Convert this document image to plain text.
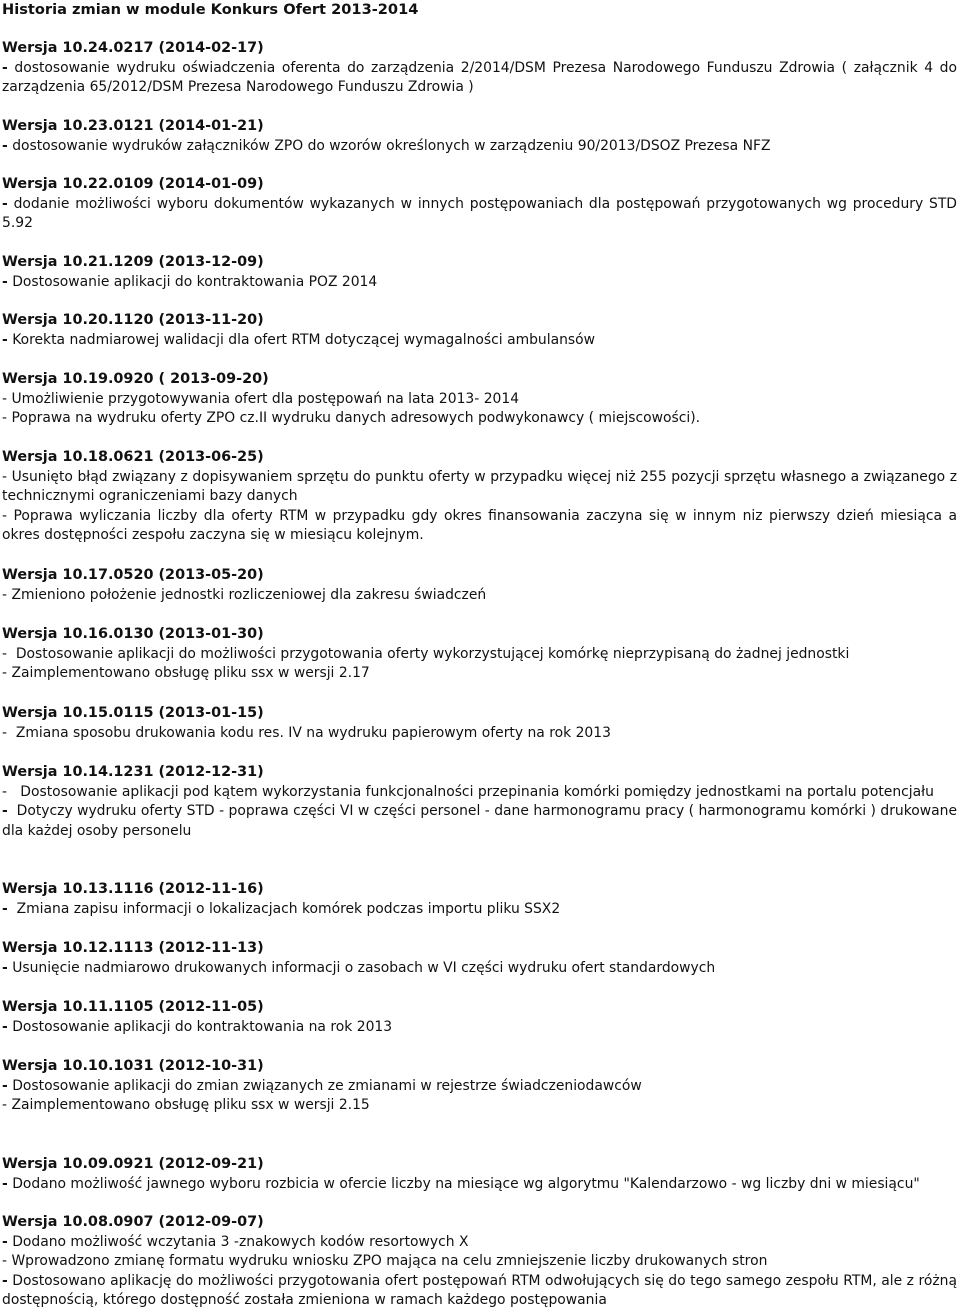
Historia zmian w module Konkurs Ofert 2013-2014

Wersja 10.24.0217 (2014-02-17)

- dostosowanie wydruku oświadczenia oferenta do zarządzenia 2/2014/DSM Prezesa Narodowego Funduszu Zdrowia ( załącznik 4 do zarządzenia 65/2012/DSM Prezesa Narodowego Funduszu Zdrowia )

Wersja 10.23.0121 (2014-01-21)

- dostosowanie wydruków załączników ZPO do wzorów określonych w zarządzeniu 90/2013/DSOZ Prezesa NFZ

Wersja 10.22.0109 (2014-01-09)

- dodanie możliwości wyboru dokumentów wykazanych w innych postępowaniach dla postępowań przygotowanych wg procedury STD 5.92

Wersja 10.21.1209 (2013-12-09)

- Dostosowanie aplikacji do kontraktowania POZ 2014

Wersja 10.20.1120 (2013-11-20)

- Korekta nadmiarowej walidacji dla ofert RTM dotyczącej wymagalności ambulansów

Wersja 10.19.0920 ( 2013-09-20)

- Umożliwienie przygotowywania ofert dla postępowań na lata 2013- 2014

- Poprawa na wydruku oferty ZPO cz.II wydruku danych adresowych podwykonawcy ( miejscowości).

Wersja 10.18.0621 (2013-06-25)

- Usunięto błąd związany z dopisywaniem sprzętu do punktu oferty w przypadku więcej niż 255 pozycji sprzętu własnego a związanego z technicznymi ograniczeniami bazy danych

- Poprawa wyliczania liczby dla oferty RTM w przypadku gdy okres finansowania zaczyna się w innym niz pierwszy dzień miesiąca a okres dostępności zespołu zaczyna się w miesiącu kolejnym.

Wersja 10.17.0520 (2013-05-20)

- Zmieniono położenie jednostki rozliczeniowej dla zakresu świadczeń

Wersja 10.16.0130 (2013-01-30)

- Dostosowanie aplikacji do możliwości przygotowania oferty wykorzystującej komórkę nieprzypisaną do żadnej jednostki

- Zaimplementowano obsługę pliku ssx w wersji 2.17

Wersja 10.15.0115 (2013-01-15)

- Zmiana sposobu drukowania kodu res. IV na wydruku papierowym oferty na rok 2013

Wersja 10.14.1231 (2012-12-31)

- Dostosowanie aplikacji pod kątem wykorzystania funkcjonalności przepinania komórki pomiędzy jednostkami na portalu potencjału

- Dotyczy wydruku oferty STD - poprawa części VI w części personel - dane harmonogramu pracy ( harmonogramu komórki ) drukowane dla każdej osoby personelu

Wersja 10.13.1116 (2012-11-16)

- Zmiana zapisu informacji o lokalizacjach komórek podczas importu pliku SSX2

Wersja 10.12.1113 (2012-11-13)

- Usunięcie nadmiarowo drukowanych informacji o zasobach w VI części wydruku ofert standardowych

Wersja 10.11.1105 (2012-11-05)

- Dostosowanie aplikacji do kontraktowania na rok 2013

Wersja 10.10.1031 (2012-10-31)

- Dostosowanie aplikacji do zmian związanych ze zmianami w rejestrze świadczeniodawców

- Zaimplementowano obsługę pliku ssx w wersji 2.15

Wersja 10.09.0921 (2012-09-21)

- Dodano możliwość jawnego wyboru rozbicia w ofercie liczby na miesiące wg algorytmu "Kalendarzowo - wg liczby dni w miesiącu"

Wersja 10.08.0907 (2012-09-07)

- Dodano możliwość wczytania 3 -znakowych kodów resortowych X

- Wprowadzono zmianę formatu wydruku wniosku ZPO mająca na celu zmniejszenie liczby drukowanych stron

- Dostosowano aplikację do możliwości przygotowania ofert postępowań RTM odwołujących się do tego samego zespołu RTM, ale z różną dostępnością, którego dostępność została zmieniona w ramach każdego postępowania
